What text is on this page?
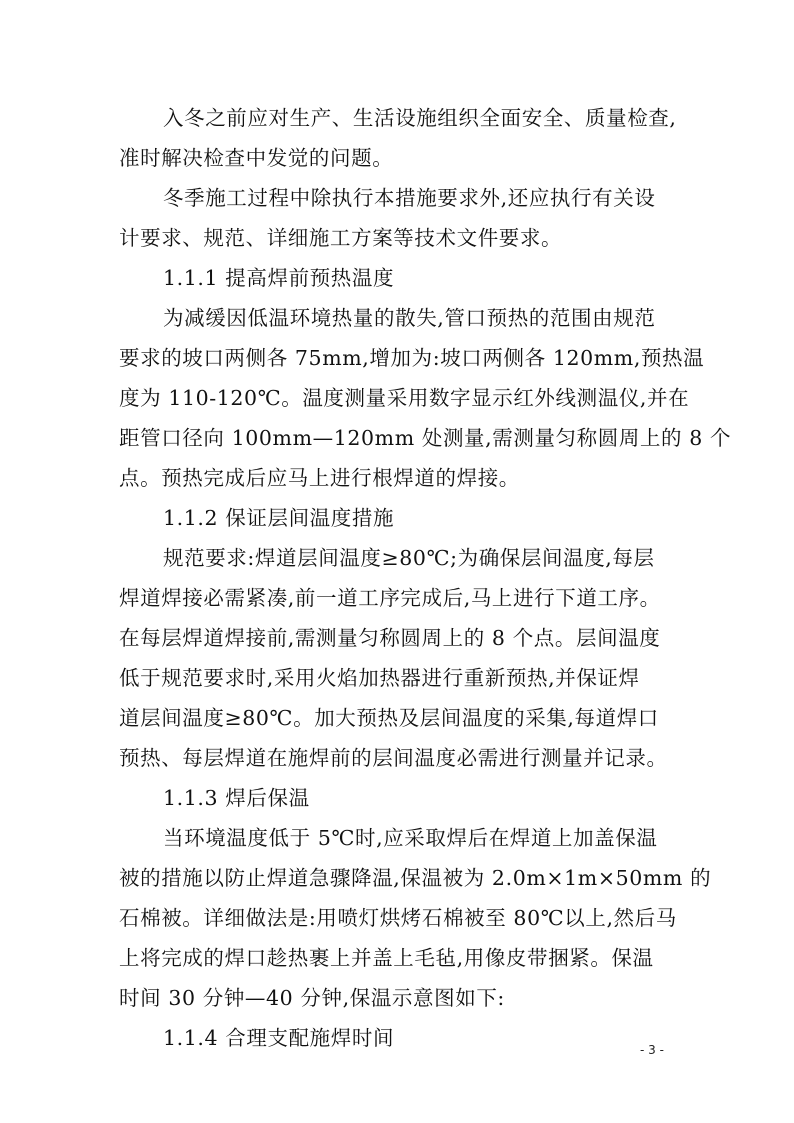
入冬之前应对生产、生活设施组织全面安全、质量检查,
准时解决检查中发觉的问题。
冬季施工过程中除执行本措施要求外,还应执行有关设
计要求、规范、详细施工方案等技术文件要求。
1.1.1 提高焊前预热温度
为减缓因低温环境热量的散失,管口预热的范围由规范
要求的坡口两侧各 75mm,增加为:坡口两侧各 120mm,预热温
度为 110-120℃。温度测量采用数字显示红外线测温仪,并在
距管口径向 100mm—120mm 处测量,需测量匀称圆周上的 8 个
点。预热完成后应马上进行根焊道的焊接。
1.1.2 保证层间温度措施
规范要求:焊道层间温度≥80℃;为确保层间温度,每层
焊道焊接必需紧凑,前一道工序完成后,马上进行下道工序。
在每层焊道焊接前,需测量匀称圆周上的 8 个点。层间温度
低于规范要求时,采用火焰加热器进行重新预热,并保证焊
道层间温度≥80℃。加大预热及层间温度的采集,每道焊口
预热、每层焊道在施焊前的层间温度必需进行测量并记录。
1.1.3 焊后保温
当环境温度低于 5℃时,应采取焊后在焊道上加盖保温
被的措施以防止焊道急骤降温,保温被为 2.0m×1m×50mm 的
石棉被。详细做法是:用喷灯烘烤石棉被至 80℃以上,然后马
上将完成的焊口趁热裹上并盖上毛毡,用像皮带捆紧。保温
时间 30 分钟—40 分钟,保温示意图如下:
1.1.4 合理支配施焊时间	- 3 -
